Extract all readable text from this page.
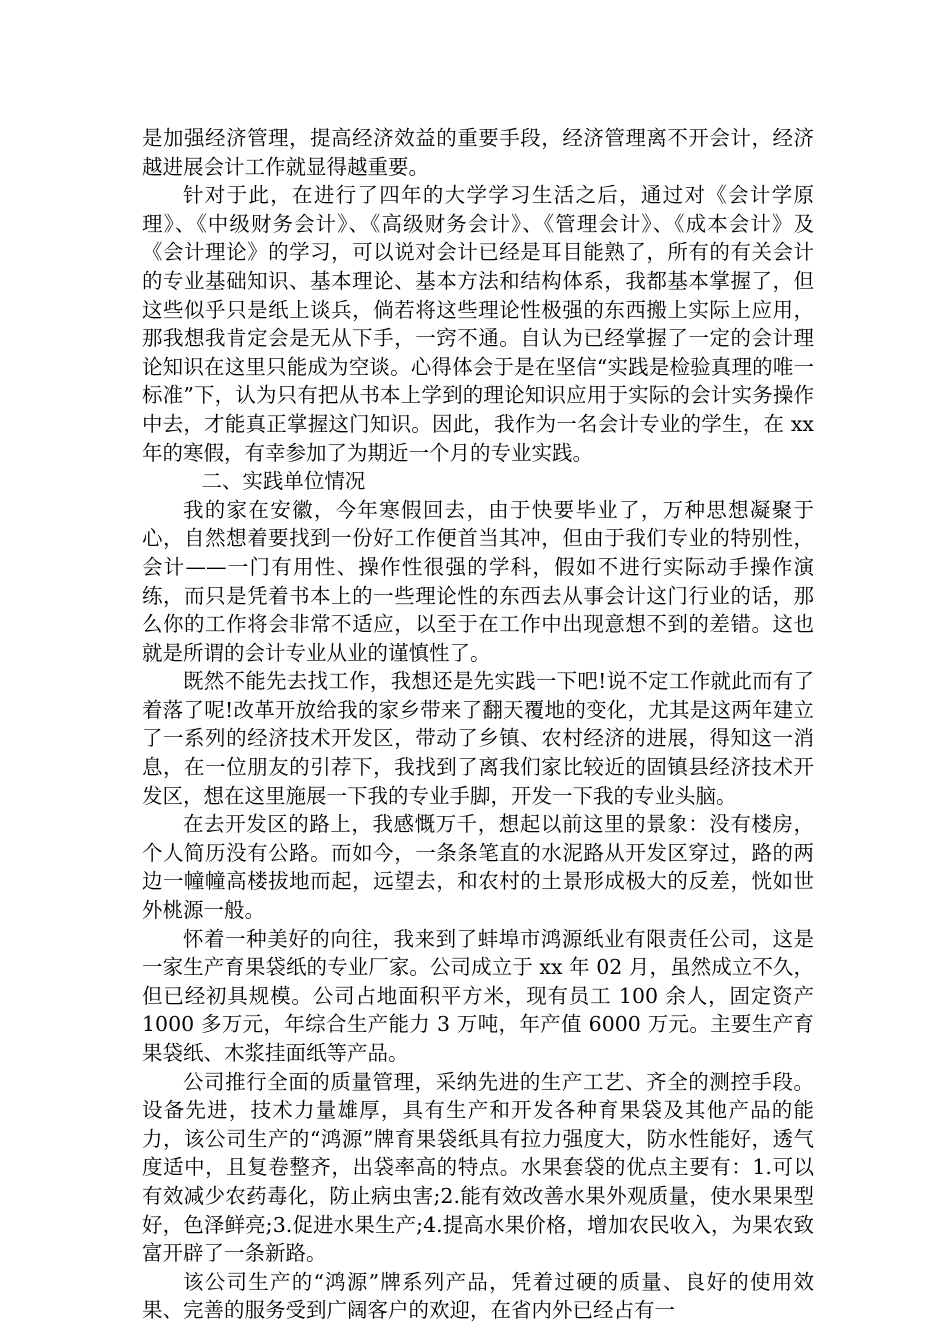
是加强经济管理，提高经济效益的重要手段，经济管理离不开会计，经济越进展会计工作就显得越重要。

针对于此，在进行了四年的大学学习生活之后，通过对《会计学原理》、《中级财务会计》、《高级财务会计》、《管理会计》、《成本会计》及《会计理论》的学习，可以说对会计已经是耳目能熟了，所有的有关会计的专业基础知识、基本理论、基本方法和结构体系，我都基本掌握了，但这些似乎只是纸上谈兵，倘若将这些理论性极强的东西搬上实际上应用，那我想我肯定会是无从下手，一窍不通。自认为已经掌握了一定的会计理论知识在这里只能成为空谈。心得体会于是在坚信“实践是检验真理的唯一标准”下，认为只有把从书本上学到的理论知识应用于实际的会计实务操作中去，才能真正掌握这门知识。因此，我作为一名会计专业的学生，在 xx 年的寒假，有幸参加了为期近一个月的专业实践。

二、实践单位情况

我的家在安徽，今年寒假回去，由于快要毕业了，万种思想凝聚于心，自然想着要找到一份好工作便首当其冲，但由于我们专业的特别性，会计——一门有用性、操作性很强的学科，假如不进行实际动手操作演练，而只是凭着书本上的一些理论性的东西去从事会计这门行业的话，那么你的工作将会非常不适应，以至于在工作中出现意想不到的差错。这也就是所谓的会计专业从业的谨慎性了。

既然不能先去找工作，我想还是先实践一下吧!说不定工作就此而有了着落了呢!改革开放给我的家乡带来了翻天覆地的变化，尤其是这两年建立了一系列的经济技术开发区，带动了乡镇、农村经济的进展，得知这一消息，在一位朋友的引荐下，我找到了离我们家比较近的固镇县经济技术开发区，想在这里施展一下我的专业手脚，开发一下我的专业头脑。

在去开发区的路上，我感慨万千，想起以前这里的景象：没有楼房，个人简历没有公路。而如今，一条条笔直的水泥路从开发区穿过，路的两边一幢幢高楼拔地而起，远望去，和农村的土景形成极大的反差，恍如世外桃源一般。

怀着一种美好的向往，我来到了蚌埠市鸿源纸业有限责任公司，这是一家生产育果袋纸的专业厂家。公司成立于 xx 年 02 月，虽然成立不久，但已经初具规模。公司占地面积平方米，现有员工 100 余人，固定资产 1000 多万元，年综合生产能力 3 万吨，年产值 6000 万元。主要生产育果袋纸、木浆挂面纸等产品。

公司推行全面的质量管理，采纳先进的生产工艺、齐全的测控手段。设备先进，技术力量雄厚，具有生产和开发各种育果袋及其他产品的能力，该公司生产的“鸿源”牌育果袋纸具有拉力强度大，防水性能好，透气度适中，且复卷整齐，出袋率高的特点。水果套袋的优点主要有：1.可以有效减少农药毒化，防止病虫害;2.能有效改善水果外观质量，使水果果型好，色泽鲜亮;3.促进水果生产;4.提高水果价格，增加农民收入，为果农致富开辟了一条新路。

该公司生产的“鸿源”牌系列产品，凭着过硬的质量、良好的使用效果、完善的服务受到广阔客户的欢迎，在省内外已经占有一
